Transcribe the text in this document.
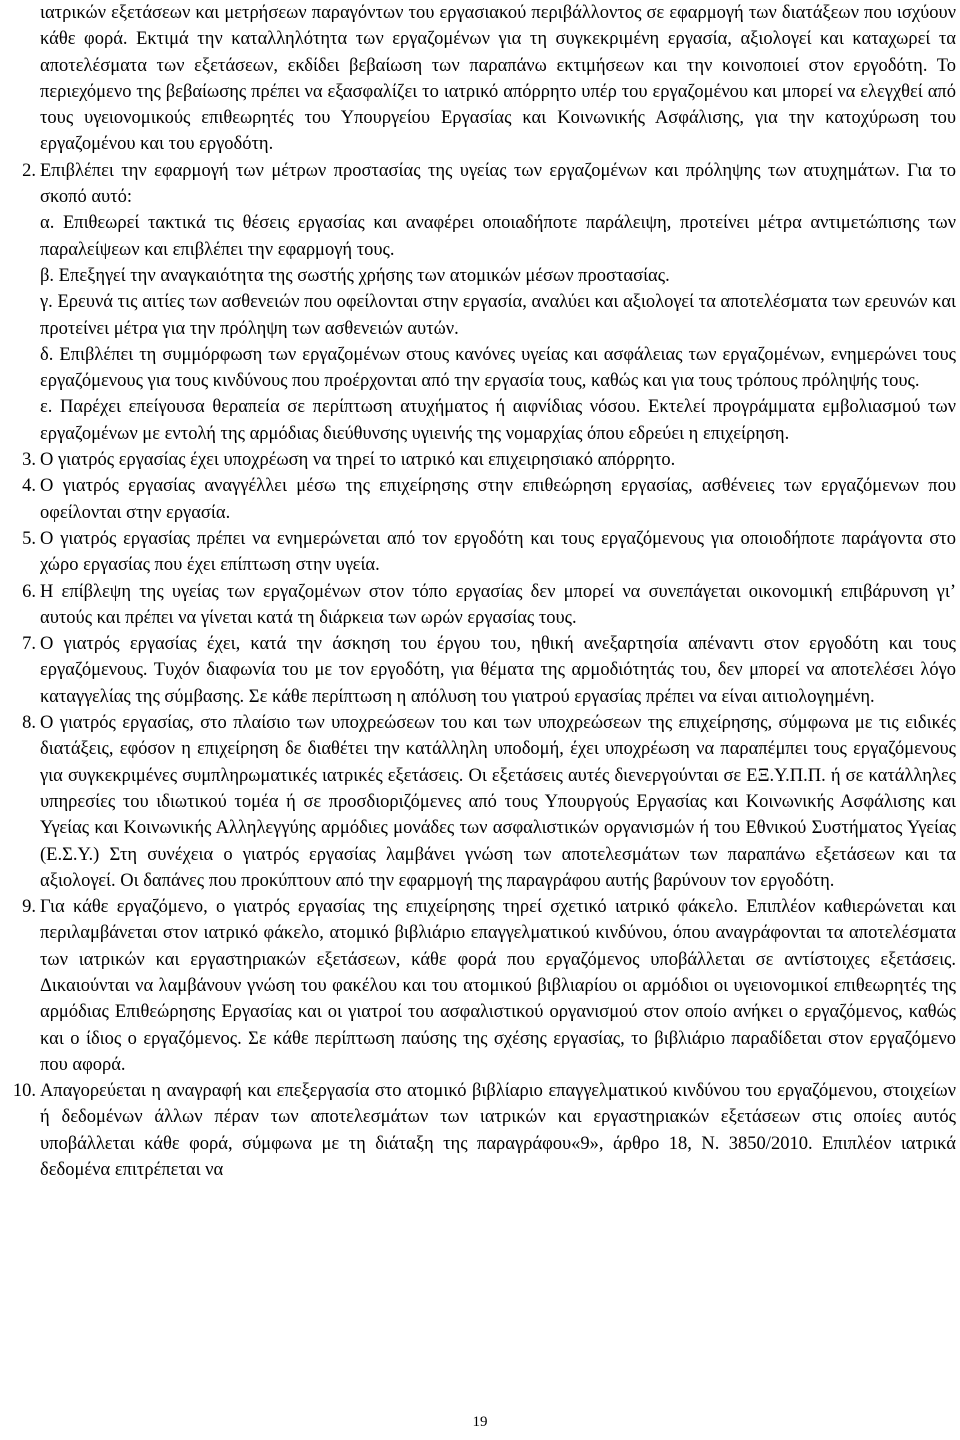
ιατρικών εξετάσεων και μετρήσεων παραγόντων του εργασιακού περιβάλλοντος σε εφαρμογή των διατάξεων που ισχύουν κάθε φορά. Εκτιμά την καταλληλότητα των εργαζομένων για τη συγκεκριμένη εργασία, αξιολογεί και καταχωρεί τα αποτελέσματα των εξετάσεων, εκδίδει βεβαίωση των παραπάνω εκτιμήσεων και την κοινοποιεί στον εργοδότη. Το περιεχόμενο της βεβαίωσης πρέπει να εξασφαλίζει το ιατρικό απόρρητο υπέρ του εργαζομένου και μπορεί να ελεγχθεί από τους υγειονομικούς επιθεωρητές του Υπουργείου Εργασίας και Κοινωνικής Ασφάλισης, για την κατοχύρωση του εργαζομένου και του εργοδότη.

2. Επιβλέπει την εφαρμογή των μέτρων προστασίας της υγείας των εργαζομένων και πρόληψης των ατυχημάτων. Για το σκοπό αυτό:

α. Επιθεωρεί τακτικά τις θέσεις εργασίας και αναφέρει οποιαδήποτε παράλειψη, προτείνει μέτρα αντιμετώπισης των παραλείψεων και επιβλέπει την εφαρμογή τους.

β. Επεξηγεί την αναγκαιότητα της σωστής χρήσης των ατομικών μέσων προστασίας.

γ. Ερευνά τις αιτίες των ασθενειών που οφείλονται στην εργασία, αναλύει και αξιολογεί τα αποτελέσματα των ερευνών και προτείνει μέτρα για την πρόληψη των ασθενειών αυτών.

δ. Επιβλέπει τη συμμόρφωση των εργαζομένων στους κανόνες υγείας και ασφάλειας των εργαζομένων, ενημερώνει τους εργαζόμενους για τους κινδύνους που προέρχονται από την εργασία τους, καθώς και για τους τρόπους πρόληψής τους.

ε. Παρέχει επείγουσα θεραπεία σε περίπτωση ατυχήματος ή αιφνίδιας νόσου. Εκτελεί προγράμματα εμβολιασμού των εργαζομένων με εντολή της αρμόδιας διεύθυνσης υγιεινής της νομαρχίας όπου εδρεύει η επιχείρηση.

3. Ο γιατρός εργασίας έχει υποχρέωση να τηρεί το ιατρικό και επιχειρησιακό απόρρητο.

4. Ο γιατρός εργασίας αναγγέλλει μέσω της επιχείρησης στην επιθεώρηση εργασίας, ασθένειες των εργαζόμενων που οφείλονται στην εργασία.

5. Ο γιατρός εργασίας πρέπει να ενημερώνεται από τον εργοδότη και τους εργαζόμενους για οποιοδήποτε παράγοντα στο χώρο εργασίας που έχει επίπτωση στην υγεία.

6. Η επίβλεψη της υγείας των εργαζομένων στον τόπο εργασίας δεν μπορεί να συνεπάγεται οικονομική επιβάρυνση γι’ αυτούς και πρέπει να γίνεται κατά τη διάρκεια των ωρών εργασίας τους.

7. Ο γιατρός εργασίας έχει, κατά την άσκηση του έργου του, ηθική ανεξαρτησία απέναντι στον εργοδότη και τους εργαζόμενους. Τυχόν διαφωνία του με τον εργοδότη, για θέματα της αρμοδιότητάς του, δεν μπορεί να αποτελέσει λόγο καταγγελίας της σύμβασης. Σε κάθε περίπτωση η απόλυση του γιατρού εργασίας πρέπει να είναι αιτιολογημένη.

8. Ο γιατρός εργασίας, στο πλαίσιο των υποχρεώσεων του και των υποχρεώσεων της επιχείρησης, σύμφωνα με τις ειδικές διατάξεις, εφόσον η επιχείρηση δε διαθέτει την κατάλληλη υποδομή, έχει υποχρέωση να παραπέμπει τους εργαζόμενους για συγκεκριμένες συμπληρωματικές ιατρικές εξετάσεις. Οι εξετάσεις αυτές διενεργούνται σε ΕΞ.Υ.Π.Π. ή σε κατάλληλες υπηρεσίες του ιδιωτικού τομέα ή σε προσδιοριζόμενες από τους Υπουργούς Εργασίας και Κοινωνικής Ασφάλισης και Υγείας και Κοινωνικής Αλληλεγγύης αρμόδιες μονάδες των ασφαλιστικών οργανισμών ή του Εθνικού Συστήματος Υγείας (Ε.Σ.Υ.) Στη συνέχεια ο γιατρός εργασίας λαμβάνει γνώση των αποτελεσμάτων των παραπάνω εξετάσεων και τα αξιολογεί. Οι δαπάνες που προκύπτουν από την εφαρμογή της παραγράφου αυτής βαρύνουν τον εργοδότη.

9. Για κάθε εργαζόμενο, ο γιατρός εργασίας της επιχείρησης τηρεί σχετικό ιατρικό φάκελο. Επιπλέον καθιερώνεται και περιλαμβάνεται στον ιατρικό φάκελο, ατομικό βιβλιάριο επαγγελματικού κινδύνου, όπου αναγράφονται τα αποτελέσματα των ιατρικών και εργαστηριακών εξετάσεων, κάθε φορά που εργαζόμενος υποβάλλεται σε αντίστοιχες εξετάσεις. Δικαιούνται να λαμβάνουν γνώση του φακέλου και του ατομικού βιβλιαρίου οι αρμόδιοι οι υγειονομικοί επιθεωρητές της αρμόδιας Επιθεώρησης Εργασίας και οι γιατροί του ασφαλιστικού οργανισμού στον οποίο ανήκει ο εργαζόμενος, καθώς και ο ίδιος ο εργαζόμενος. Σε κάθε περίπτωση παύσης της σχέσης εργασίας, το βιβλιάριο παραδίδεται στον εργαζόμενο που αφορά.

10. Απαγορεύεται η αναγραφή και επεξεργασία στο ατομικό βιβλίαριο επαγγελματικού κινδύνου του εργαζόμενου, στοιχείων ή δεδομένων άλλων πέραν των αποτελεσμάτων των ιατρικών και εργαστηριακών εξετάσεων στις οποίες αυτός υποβάλλεται κάθε φορά, σύμφωνα με τη διάταξη της παραγράφου«9», άρθρο 18, Ν. 3850/2010. Επιπλέον ιατρικά δεδομένα επιτρέπεται να

19
